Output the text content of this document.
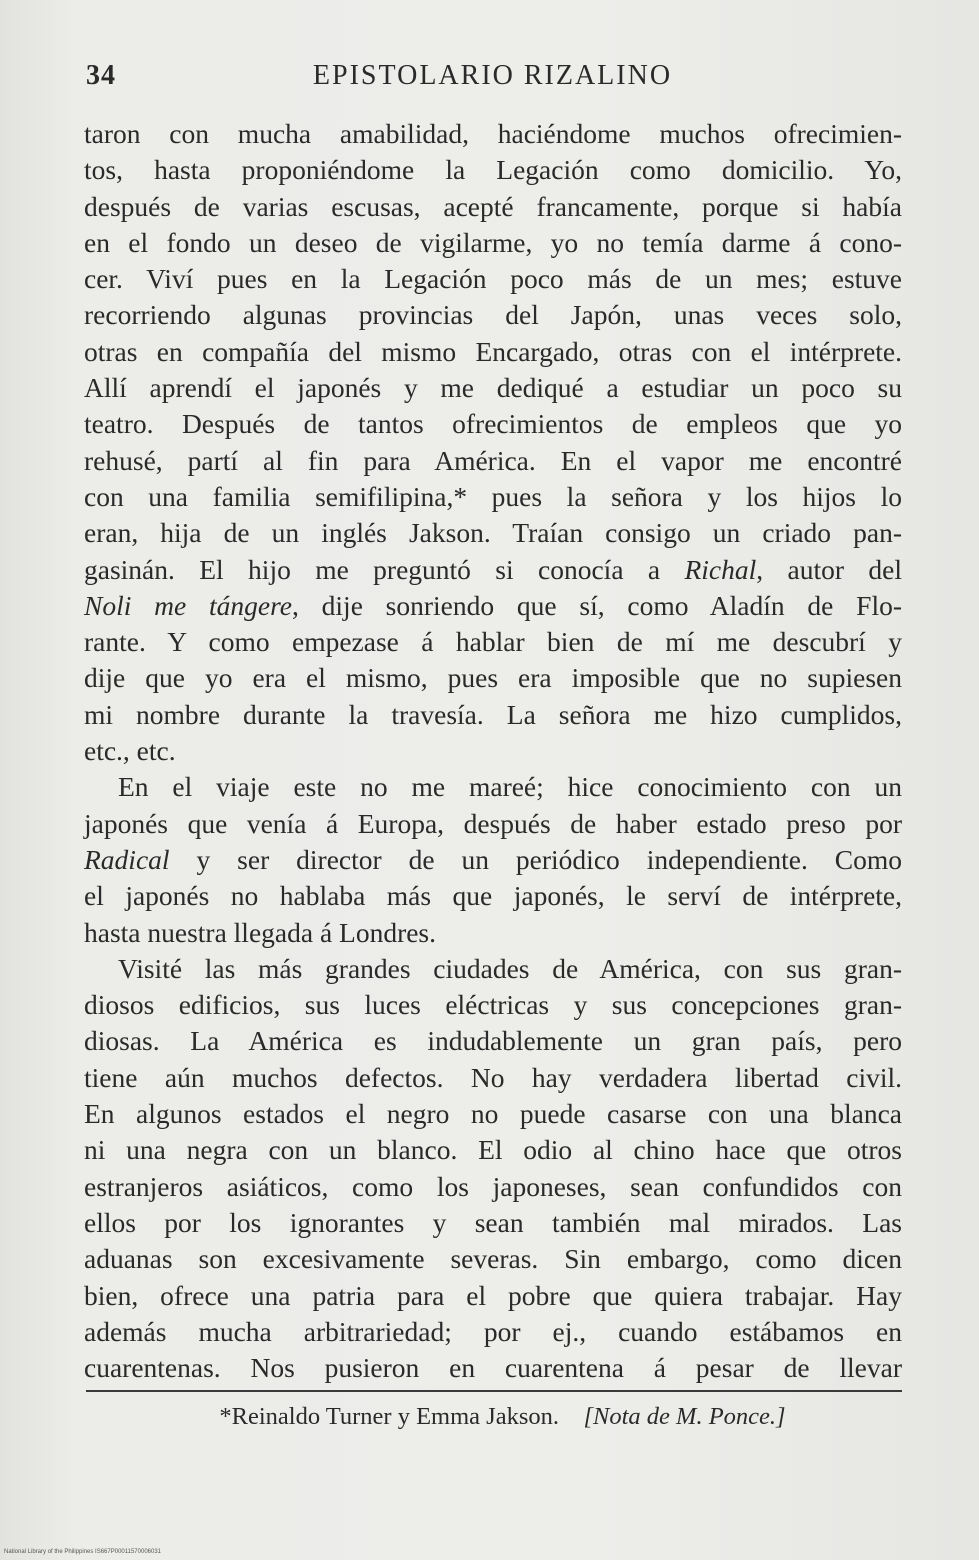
34	EPISTOLARIO RIZALINO
taron con mucha amabilidad, haciéndome muchos ofrecimien-
tos, hasta proponiéndome la Legación como domicilio. Yo,
después de varias escusas, acepté francamente, porque si había
en el fondo un deseo de vigilarme, yo no temía darme á cono-
cer. Viví pues en la Legación poco más de un mes; estuve
recorriendo algunas provincias del Japón, unas veces solo,
otras en compañía del mismo Encargado, otras con el intérprete.
Allí aprendí el japonés y me dediqué a estudiar un poco su
teatro. Después de tantos ofrecimientos de empleos que yo
rehusé, partí al fin para América. En el vapor me encontré
con una familia semifilipina,* pues la señora y los hijos lo
eran, hija de un inglés Jakson. Traían consigo un criado pan-
gasinán. El hijo me preguntó si conocía a Richal, autor del
Noli me tángere, dije sonriendo que sí, como Aladín de Flo-
rante. Y como empezase á hablar bien de mí me descubrí y
dije que yo era el mismo, pues era imposible que no supiesen
mi nombre durante la travesía. La señora me hizo cumplidos,
etc., etc.
En el viaje este no me mareé; hice conocimiento con un
japonés que venía á Europa, después de haber estado preso por
Radical y ser director de un periódico independiente. Como
el japonés no hablaba más que japonés, le serví de intérprete,
hasta nuestra llegada á Londres.
Visité las más grandes ciudades de América, con sus gran-
diosos edificios, sus luces eléctricas y sus concepciones gran-
diosas. La América es indudablemente un gran país, pero
tiene aún muchos defectos. No hay verdadera libertad civil.
En algunos estados el negro no puede casarse con una blanca
ni una negra con un blanco. El odio al chino hace que otros
estranjeros asiáticos, como los japoneses, sean confundidos con
ellos por los ignorantes y sean también mal mirados. Las
aduanas son excesivamente severas. Sin embargo, como dicen
bien, ofrece una patria para el pobre que quiera trabajar. Hay
además mucha arbitrariedad; por ej., cuando estábamos en
cuarentenas. Nos pusieron en cuarentena á pesar de llevar
*Reinaldo Turner y Emma Jakson. [Nota de M. Ponce.]
National Library of the Philippines IS667P00011570006031
